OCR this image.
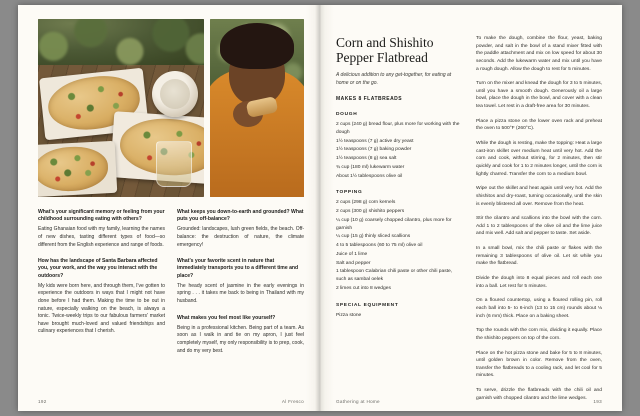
What's your significant memory or feeling from your childhood surrounding eating with others?

Eating Ghanaian food with my family, learning the names of new dishes, tasting different types of food—so different from the English experience and range of foods.

How has the landscape of Santa Barbara affected you, your work, and the way you interact with the outdoors?

My kids were born here, and through them, I've gotten to experience the outdoors in ways that I might not have done before I had them. Making the time to be out in nature, especially walking on the beach, is always a tonic. Twice-weekly trips to our fabulous farmers' market have brought much-loved and valued friendships and culinary experiences that I cherish.

What keeps you down-to-earth and grounded? What puts you off-balance?

Grounded: landscapes, lush green fields, the beach. Off-balance: the destruction of nature, the climate emergency!

What's your favorite scent in nature that immediately transports you to a different time and place?

The heady scent of jasmine in the early evenings in spring . . . it takes me back to being in Thailand with my husband.

What makes you feel most like yourself?

Being in a professional kitchen. Being part of a team. As soon as I walk in and tie on my apron, I just feel completely myself, my only responsibility is to prep, cook, and do my very best.

192	Al Fresco
Corn and Shishito Pepper Flatbread

A delicious addition to any get-together, for eating at home or on the go.

MAKES 8 FLATBREADS

DOUGH

2 cups (240 g) bread flour, plus more for working with the dough
1½ teaspoons (7 g) active dry yeast
1½ teaspoons (7 g) baking powder
1½ teaspoons (8 g) sea salt
¾ cup (180 ml) lukewarm water
About 1½ tablespoons olive oil

TOPPING

2 cups (298 g) corn kernels
2 cups (300 g) shishito peppers
¼ cup (10 g) coarsely chopped cilantro, plus more for garnish
¼ cup (15 g) thinly sliced scallions
4 to 5 tablespoons (60 to 75 ml) olive oil
Juice of 1 lime
Salt and pepper
1 tablespoon Calabrian chili paste or other chili paste, such as sambal oelek
2 limes cut into 8 wedges

SPECIAL EQUIPMENT

Pizza stone

To make the dough, combine the flour, yeast, baking powder, and salt in the bowl of a stand mixer fitted with the paddle attachment and mix on low speed for about 30 seconds. Add the lukewarm water and mix until you have a rough dough. Allow the dough to rest for 5 minutes.

Turn on the mixer and knead the dough for 3 to 5 minutes, until you have a smooth dough. Generously oil a large bowl, place the dough in the bowl, and cover with a clean tea towel. Let rest in a draft-free area for 30 minutes.

Place a pizza stone on the lower oven rack and preheat the oven to 500°F (260°C).

While the dough is resting, make the topping: Heat a large cast-iron skillet over medium heat until very hot. Add the corn and cook, without stirring, for 2 minutes, then stir quickly and cook for 1 to 2 minutes longer, until the corn is lightly charred. Transfer the corn to a medium bowl.

Wipe out the skillet and heat again until very hot. Add the shishitos and dry-roast, turning occasionally, until the skin is evenly blistered all over. Remove from the heat.

Stir the cilantro and scallions into the bowl with the corn. Add 1 to 2 tablespoons of the olive oil and the lime juice and mix well. Add salt and pepper to taste. Set aside.

In a small bowl, mix the chili paste or flakes with the remaining 3 tablespoons of olive oil. Let sit while you make the flatbread.

Divide the dough into 8 equal pieces and roll each one into a ball. Let rest for 5 minutes.

On a floured countertop, using a floured rolling pin, roll each ball into 5- to 6-inch (13 to 15 cm) rounds about ⅛ inch (6 mm) thick. Place on a baking sheet.

Top the rounds with the corn mix, dividing it equally. Place the shishito peppers on top of the corn.

Place on the hot pizza stone and bake for 5 to 8 minutes, until golden brown in color. Remove from the oven, transfer the flatbreads to a cooling rack, and let cool for 5 minutes.

To serve, drizzle the flatbreads with the chili oil and garnish with chopped cilantro and the lime wedges.

Gathering at Home	193
